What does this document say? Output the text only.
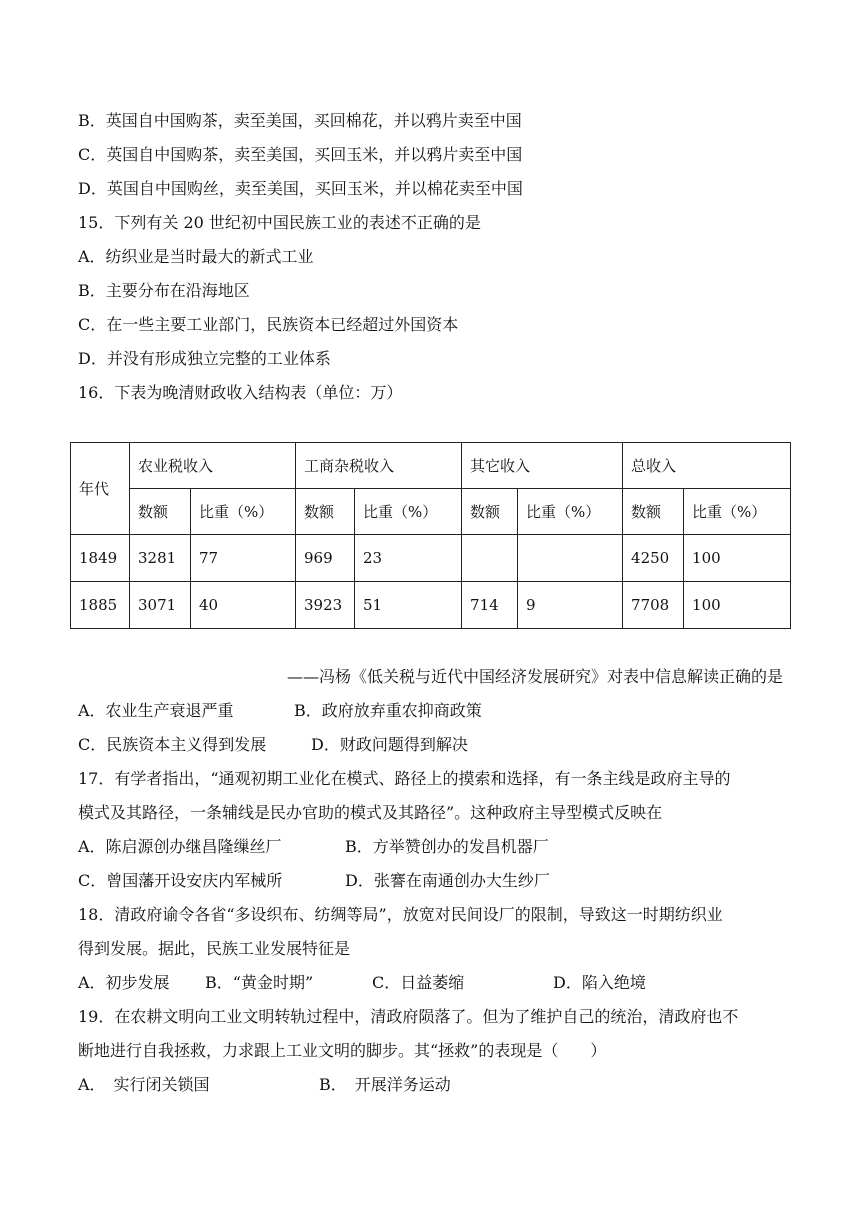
B．英国自中国购茶，卖至美国，买回棉花，并以鸦片卖至中国
C．英国自中国购茶，卖至美国，买回玉米，并以鸦片卖至中国
D．英国自中国购丝，卖至美国，买回玉米，并以棉花卖至中国
15．下列有关 20 世纪初中国民族工业的表述不正确的是
A．纺织业是当时最大的新式工业
B．主要分布在沿海地区
C．在一些主要工业部门，民族资本已经超过外国资本
D．并没有形成独立完整的工业体系
16．下表为晚清财政收入结构表（单位：万）
年代	农业税收入		工商杂税收入		其它收入		总收入	
	数额	比重（%）	数额	比重（%）	数额	比重（%）	数额	比重（%）
1849	3281	77	969	23			4250	100
1885	3071	40	3923	51	714	9	7708	100
——冯杨《低关税与近代中国经济发展研究》对表中信息解读正确的是
A．农业生产衰退严重	B．政府放弃重农抑商政策
C．民族资本主义得到发展	D．财政问题得到解决
17．有学者指出，“通观初期工业化在模式、路径上的摸索和选择，有一条主线是政府主导的
模式及其路径，一条辅线是民办官助的模式及其路径”。这种政府主导型模式反映在
A．陈启源创办继昌隆缫丝厂	B．方举赞创办的发昌机器厂
C．曾国藩开设安庆内军械所	D．张謇在南通创办大生纱厂
18．清政府谕令各省“多设织布、纺绸等局”，放宽对民间设厂的限制，导致这一时期纺织业
得到发展。据此，民族工业发展特征是
A．初步发展 B．“黄金时期”	C．日益萎缩	D．陷入绝境
19．在农耕文明向工业文明转轨过程中，清政府陨落了。但为了维护自己的统治，清政府也不
断地进行自我拯救，力求跟上工业文明的脚步。其“拯救”的表现是（　　）
A．　实行闭关锁国	B．　开展洋务运动
